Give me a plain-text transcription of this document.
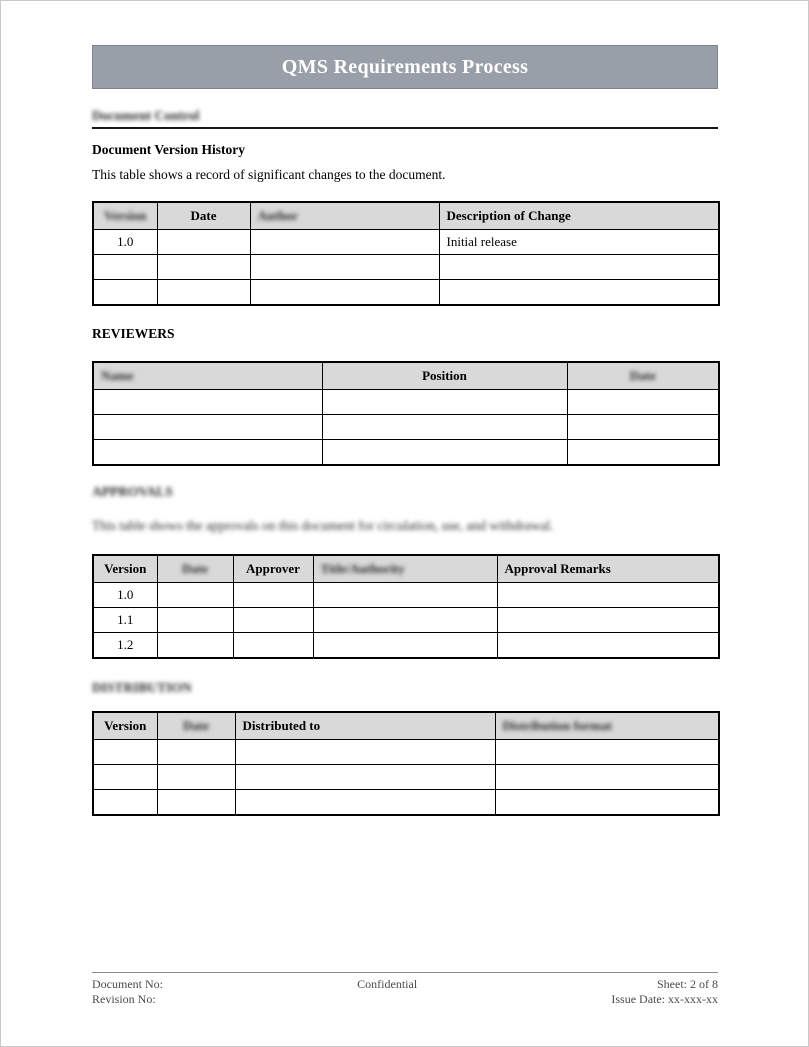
QMS Requirements Process
Document Control
Document Version History

This table shows a record of significant changes to the document.

Version	Date	Author	Description of Change
1.0			Initial release

REVIEWERS
Name	Position	Date

APPROVALS

This table shows the approvals on this document for circulation, use, and withdrawal.

Version	Date	Approver	Title/Authority	Approval Remarks
1.0				
1.1				
1.2				
DISTRIBUTION
Version	Date	Distributed to	Distribution format

Document No:
Revision No:
Confidential	Sheet: 2 of 8
Issue Date: xx-xxx-xx
